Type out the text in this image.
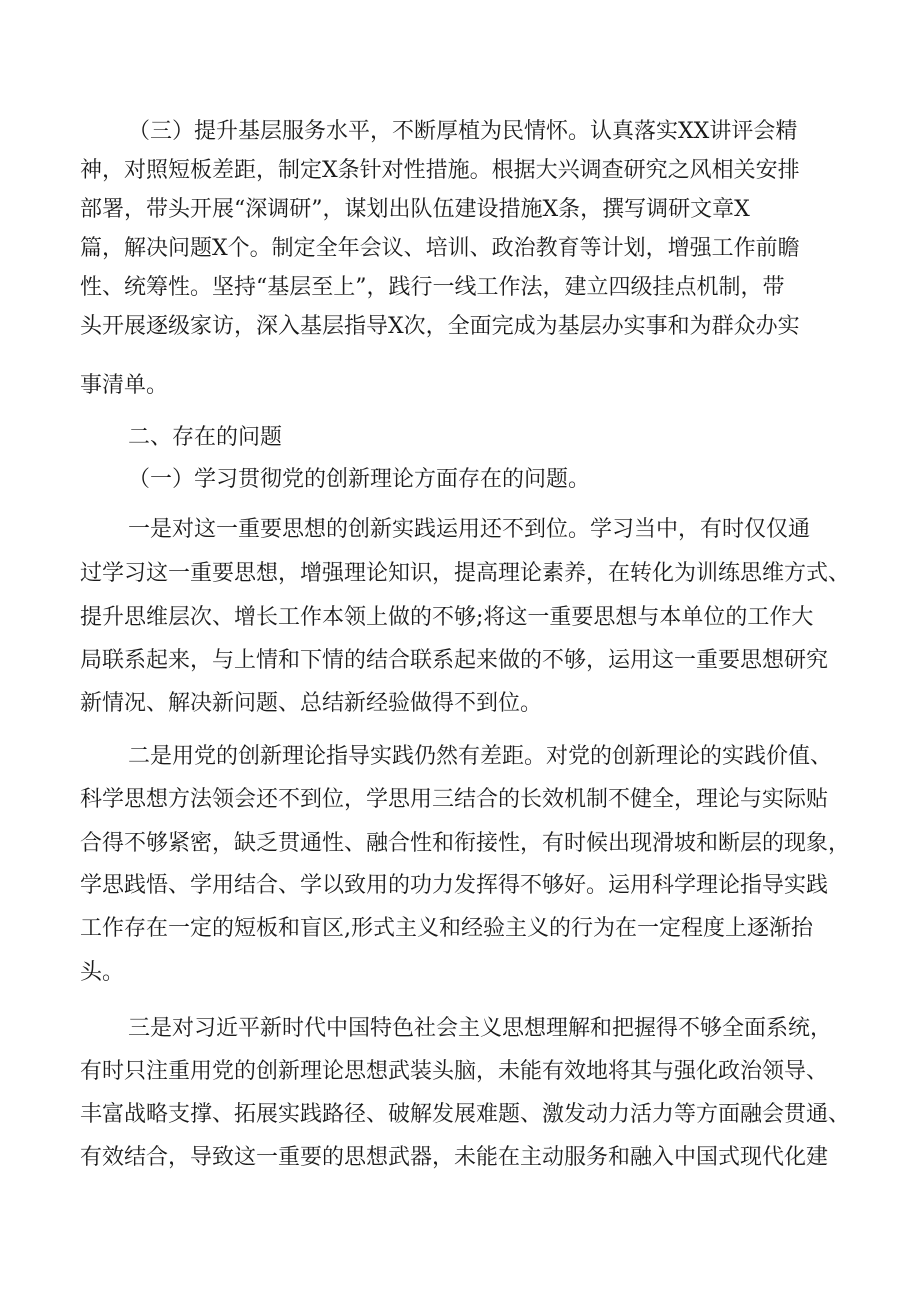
（三）提升基层服务水平，不断厚植为民情怀。认真落实XX讲评会精

神，对照短板差距，制定X条针对性措施。根据大兴调查研究之风相关安排

部署，带头开展“深调研”，谋划出队伍建设措施X条，撰写调研文章X

篇，解决问题X个。制定全年会议、培训、政治教育等计划，增强工作前瞻

性、统筹性。坚持“基层至上”，践行一线工作法，建立四级挂点机制，带

头开展逐级家访，深入基层指导X次，全面完成为基层办实事和为群众办实

事清单。

二、存在的问题
（一）学习贯彻党的创新理论方面存在的问题。

一是对这一重要思想的创新实践运用还不到位。学习当中，有时仅仅通

过学习这一重要思想，增强理论知识，提高理论素养，在转化为训练思维方式、

提升思维层次、增长工作本领上做的不够;将这一重要思想与本单位的工作大

局联系起来，与上情和下情的结合联系起来做的不够，运用这一重要思想研究

新情况、解决新问题、总结新经验做得不到位。

二是用党的创新理论指导实践仍然有差距。对党的创新理论的实践价值、

科学思想方法领会还不到位，学思用三结合的长效机制不健全，理论与实际贴

合得不够紧密，缺乏贯通性、融合性和衔接性，有时候出现滑坡和断层的现象，

学思践悟、学用结合、学以致用的功力发挥得不够好。运用科学理论指导实践

工作存在一定的短板和盲区,形式主义和经验主义的行为在一定程度上逐渐抬

头。

三是对习近平新时代中国特色社会主义思想理解和把握得不够全面系统，

有时只注重用党的创新理论思想武装头脑，未能有效地将其与强化政治领导、

丰富战略支撑、拓展实践路径、破解发展难题、激发动力活力等方面融会贯通、

有效结合，导致这一重要的思想武器，未能在主动服务和融入中国式现代化建
